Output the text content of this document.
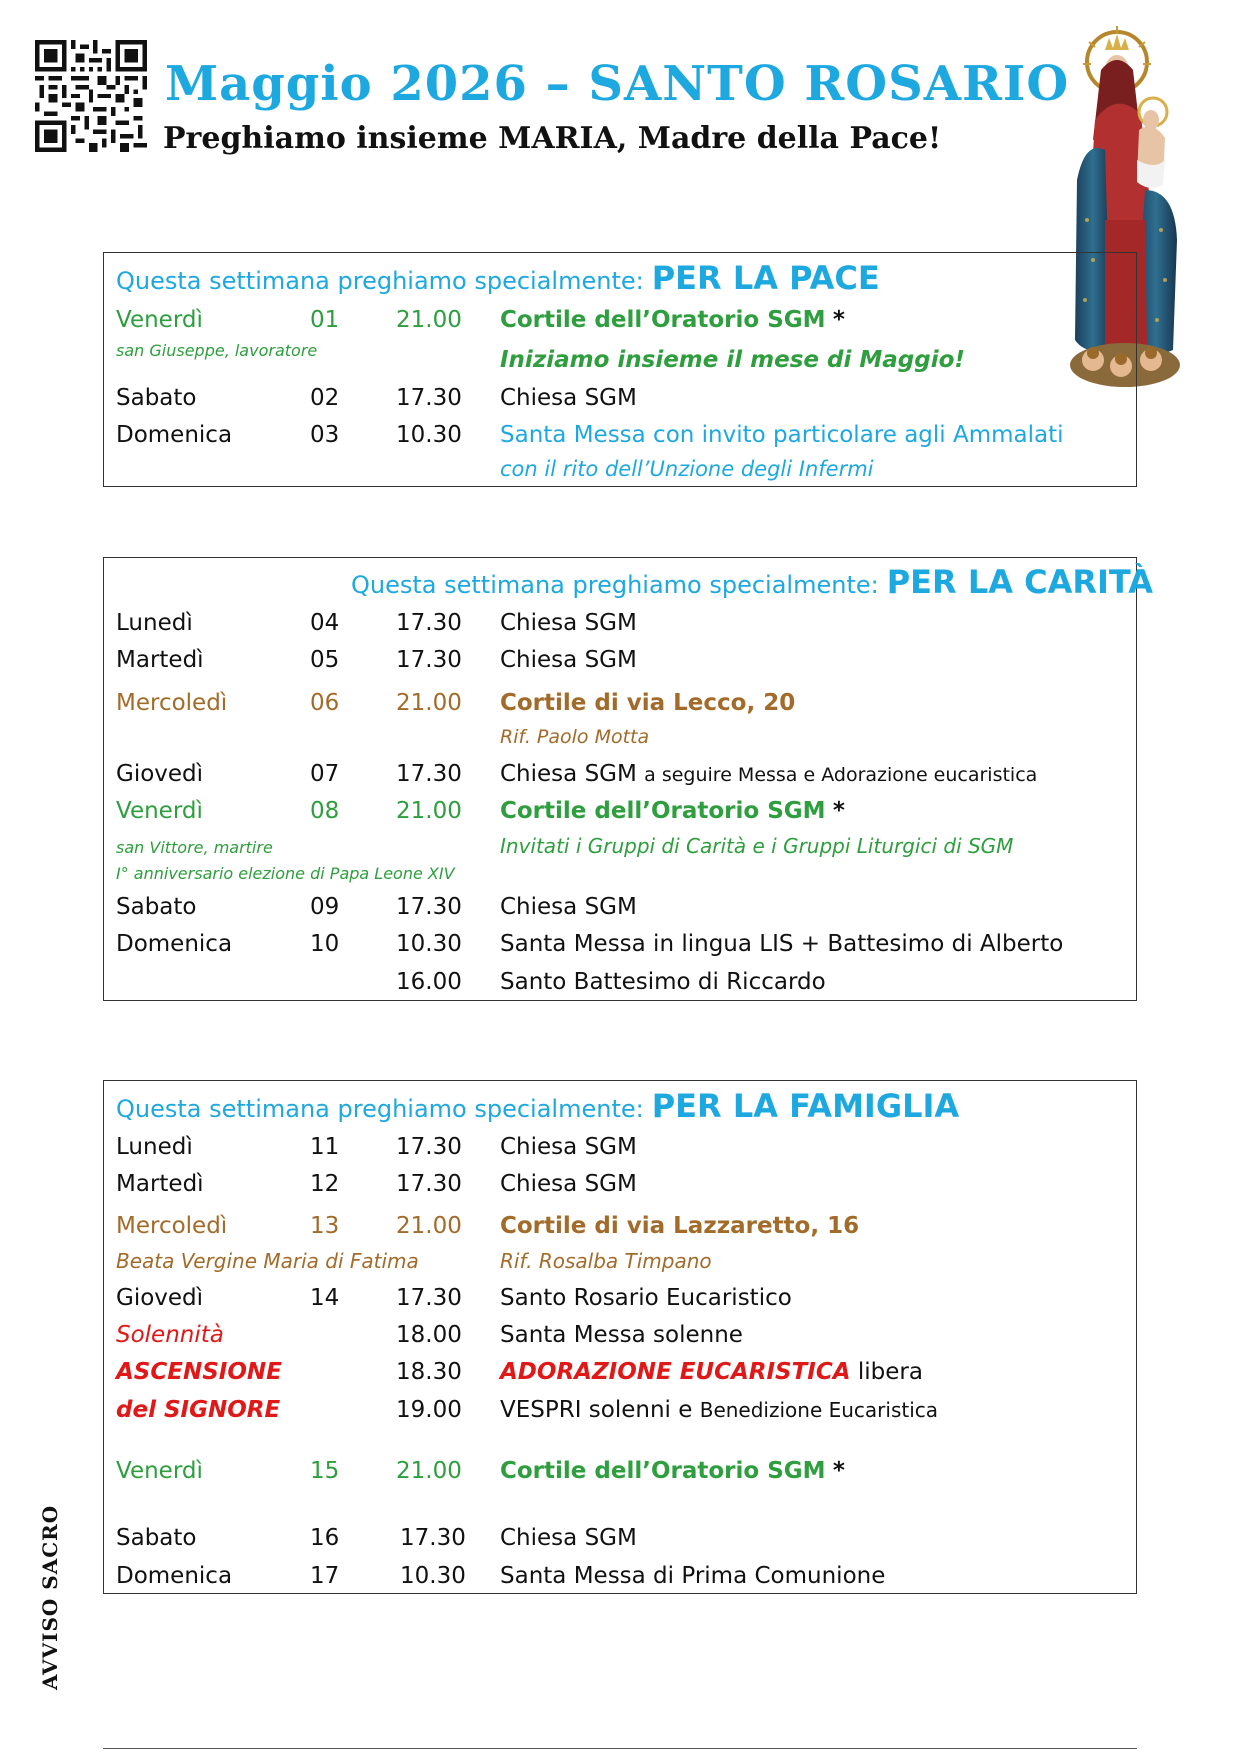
Maggio 2026 – SANTO ROSARIO
Preghiamo insieme MARIA, Madre della Pace!
Questa settimana preghiamo specialmente: PER LA PACE
Venerdì	01 21.00 Cortile dell’Oratorio SGM *
san Giuseppe, lavoratore	Iniziamo insieme il mese di Maggio!
Sabato	02 17.30 Chiesa SGM
Domenica	03 10.30 Santa Messa con invito particolare agli Ammalati
con il rito dell’Unzione degli Infermi
Questa settimana preghiamo specialmente: PER LA CARITÀ
Lunedì	04 17.30 Chiesa SGM
Martedì	05 17.30 Chiesa SGM
Mercoledì	06 21.00 Cortile di via Lecco, 20
Rif. Paolo Motta
Giovedì	07 17.30 Chiesa SGM a seguire Messa e Adorazione eucaristica
Venerdì	08 21.00 Cortile dell’Oratorio SGM *
san Vittore, martire	Invitati i Gruppi di Carità e i Gruppi Liturgici di SGM
I° anniversario elezione di Papa Leone XIV
Sabato	09 17.30 Chiesa SGM
Domenica	10 10.30 Santa Messa in lingua LIS + Battesimo di Alberto
16.00 Santo Battesimo di Riccardo
Questa settimana preghiamo specialmente: PER LA FAMIGLIA
Lunedì	11 17.30 Chiesa SGM
Martedì	12 17.30 Chiesa SGM
Mercoledì	13 21.00 Cortile di via Lazzaretto, 16
Beata Vergine Maria di Fatima	Rif. Rosalba Timpano
Giovedì	14 17.30 Santo Rosario Eucaristico
Solennità	18.00 Santa Messa solenne
ASCENSIONE	18.30 ADORAZIONE EUCARISTICA libera
del SIGNORE	19.00 VESPRI solenni e Benedizione Eucaristica
Venerdì	15 21.00 Cortile dell’Oratorio SGM *
Sabato	16	17.30 Chiesa SGM
Domenica	17	10.30 Santa Messa di Prima Comunione
AVVISO SACRO
